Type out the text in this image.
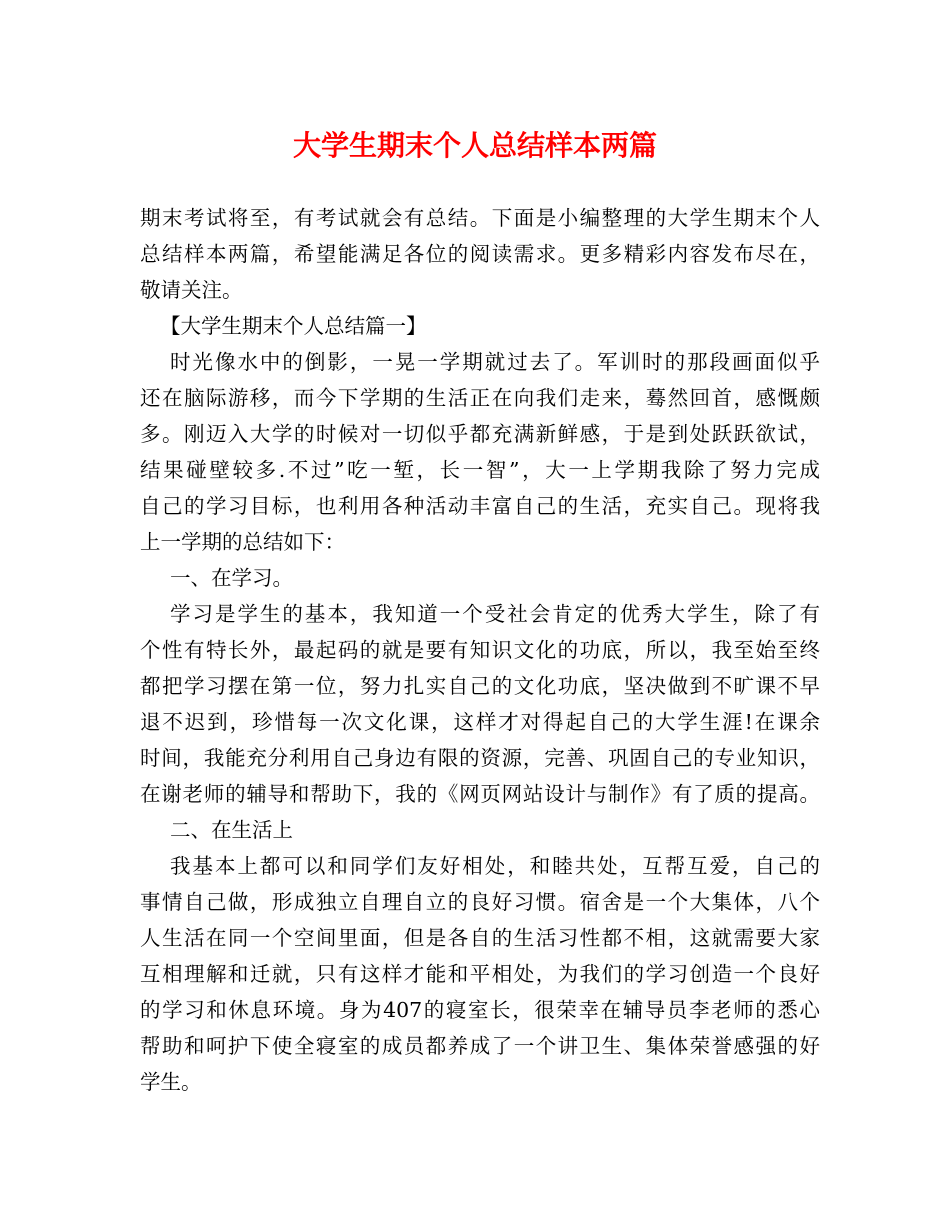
大学生期末个人总结样本两篇
期末考试将至，有考试就会有总结。下面是小编整理的大学生期末个人
总结样本两篇，希望能满足各位的阅读需求。更多精彩内容发布尽在，
敬请关注。
【大学生期末个人总结篇一】
时光像水中的倒影，一晃一学期就过去了。军训时的那段画面似乎
还在脑际游移，而今下学期的生活正在向我们走来，蓦然回首，感慨颇
多。刚迈入大学的时候对一切似乎都充满新鲜感，于是到处跃跃欲试，
结果碰壁较多.不过”吃一堑，长一智”，大一上学期我除了努力完成
自己的学习目标，也利用各种活动丰富自己的生活，充实自己。现将我
上一学期的总结如下：
一、在学习。
学习是学生的基本，我知道一个受社会肯定的优秀大学生，除了有
个性有特长外，最起码的就是要有知识文化的功底，所以，我至始至终
都把学习摆在第一位，努力扎实自己的文化功底，坚决做到不旷课不早
退不迟到，珍惜每一次文化课，这样才对得起自己的大学生涯!在课余
时间，我能充分利用自己身边有限的资源，完善、巩固自己的专业知识，
在谢老师的辅导和帮助下，我的《网页网站设计与制作》有了质的提高。
二、在生活上
我基本上都可以和同学们友好相处，和睦共处，互帮互爱，自己的
事情自己做，形成独立自理自立的良好习惯。宿舍是一个大集体，八个
人生活在同一个空间里面，但是各自的生活习性都不相，这就需要大家
互相理解和迁就，只有这样才能和平相处，为我们的学习创造一个良好
的学习和休息环境。身为407的寝室长，很荣幸在辅导员李老师的悉心
帮助和呵护下使全寝室的成员都养成了一个讲卫生、集体荣誉感强的好
学生。
